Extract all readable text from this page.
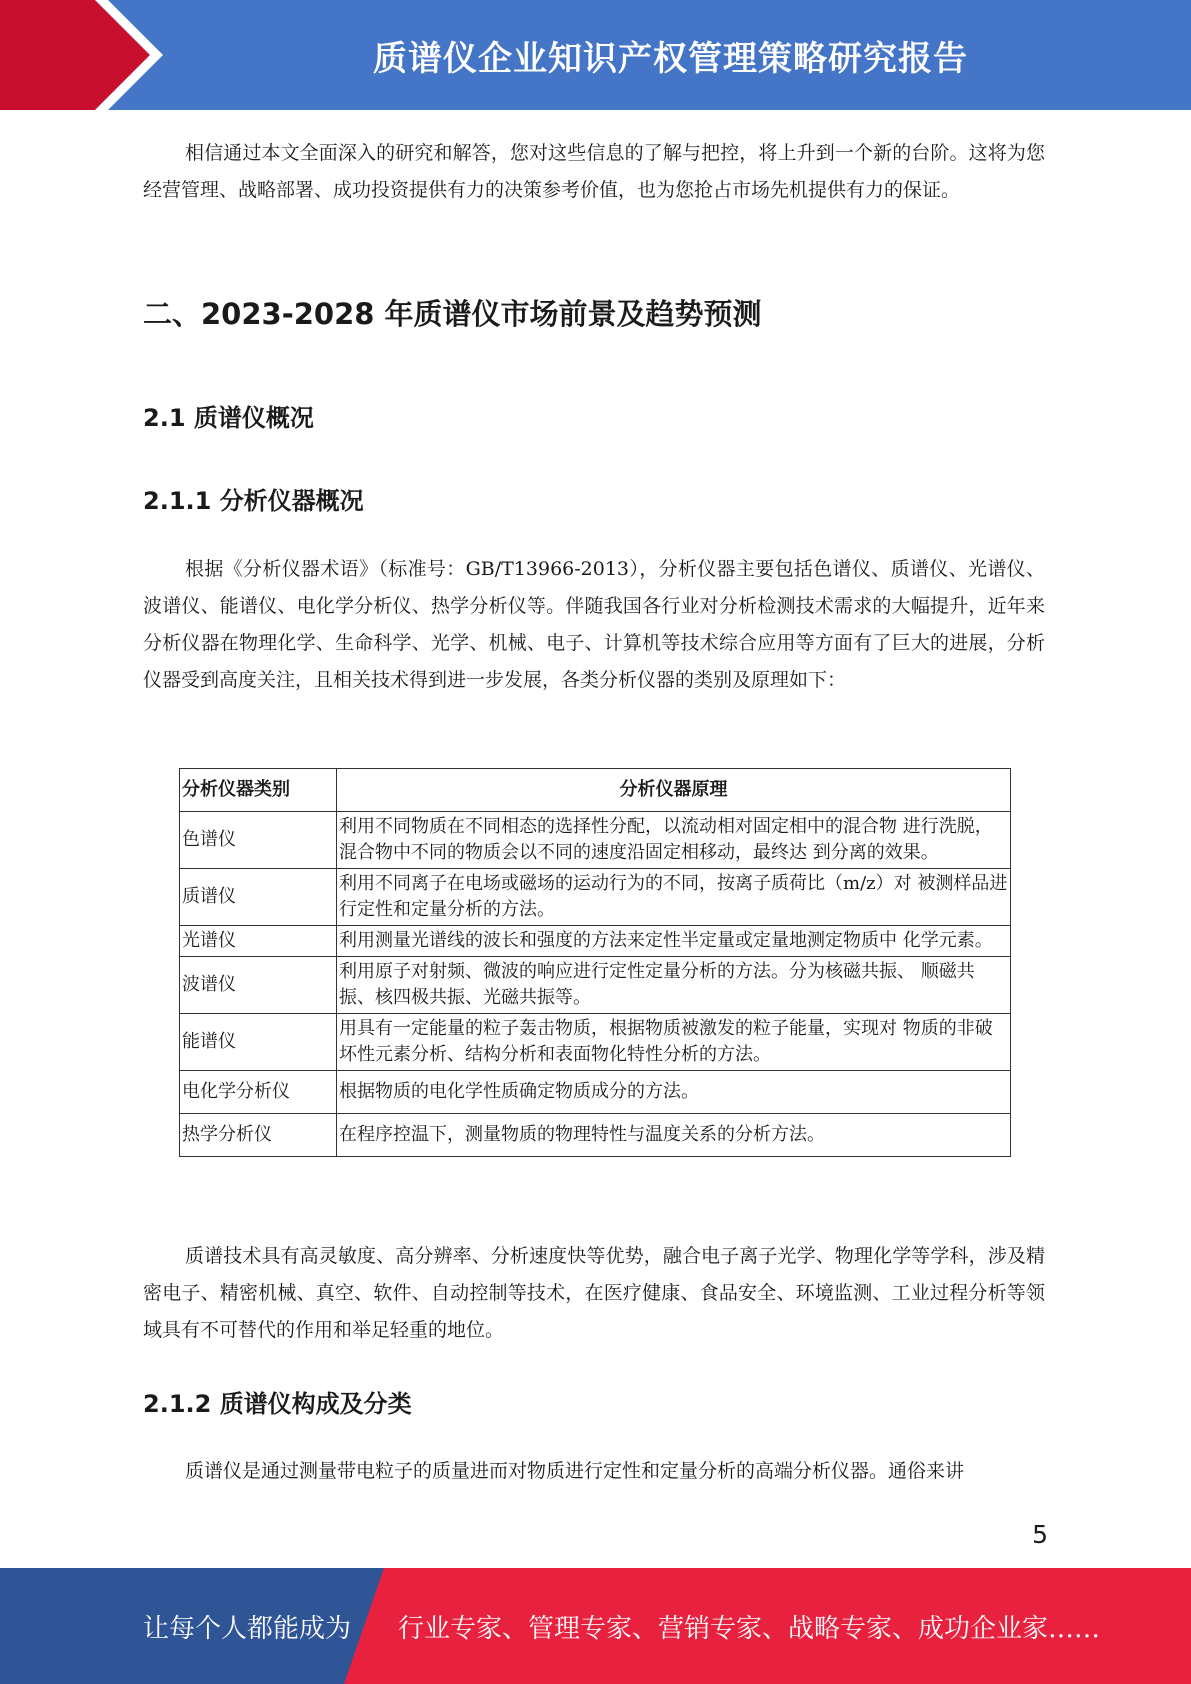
质谱仪企业知识产权管理策略研究报告

相信通过本文全面深入的研究和解答，您对这些信息的了解与把控，将上升到一个新的台阶。这将为您经营管理、战略部署、成功投资提供有力的决策参考价值，也为您抢占市场先机提供有力的保证。

二、2023-2028 年质谱仪市场前景及趋势预测
2.1 质谱仪概况
2.1.1 分析仪器概况

根据《分析仪器术语》（标准号：GB/T13966-2013），分析仪器主要包括色谱仪、质谱仪、光谱仪、波谱仪、能谱仪、电化学分析仪、热学分析仪等。伴随我国各行业对分析检测技术需求的大幅提升，近年来分析仪器在物理化学、生命科学、光学、机械、电子、计算机等技术综合应用等方面有了巨大的进展，分析仪器受到高度关注，且相关技术得到进一步发展，各类分析仪器的类别及原理如下：

分析仪器类别	分析仪器原理
色谱仪	利用不同物质在不同相态的选择性分配，以流动相对固定相中的混合物 进行洗脱，混合物中不同的物质会以不同的速度沿固定相移动，最终达 到分离的效果。
质谱仪	利用不同离子在电场或磁场的运动行为的不同，按离子质荷比（m/z）对 被测样品进行定性和定量分析的方法。
光谱仪	利用测量光谱线的波长和强度的方法来定性半定量或定量地测定物质中 化学元素。
波谱仪	利用原子对射频、微波的响应进行定性定量分析的方法。分为核磁共振、 顺磁共振、核四极共振、光磁共振等。
能谱仪	用具有一定能量的粒子轰击物质，根据物质被激发的粒子能量，实现对 物质的非破坏性元素分析、结构分析和表面物化特性分析的方法。
电化学分析仪	根据物质的电化学性质确定物质成分的方法。
热学分析仪	在程序控温下，测量物质的物理特性与温度关系的分析方法。

质谱技术具有高灵敏度、高分辨率、分析速度快等优势，融合电子离子光学、物理化学等学科，涉及精密电子、精密机械、真空、软件、自动控制等技术，在医疗健康、食品安全、环境监测、工业过程分析等领域具有不可替代的作用和举足轻重的地位。

2.1.2 质谱仪构成及分类

质谱仪是通过测量带电粒子的质量进而对物质进行定性和定量分析的高端分析仪器。通俗来讲

5
让每个人都能成为 行业专家、管理专家、营销专家、战略专家、成功企业家……
